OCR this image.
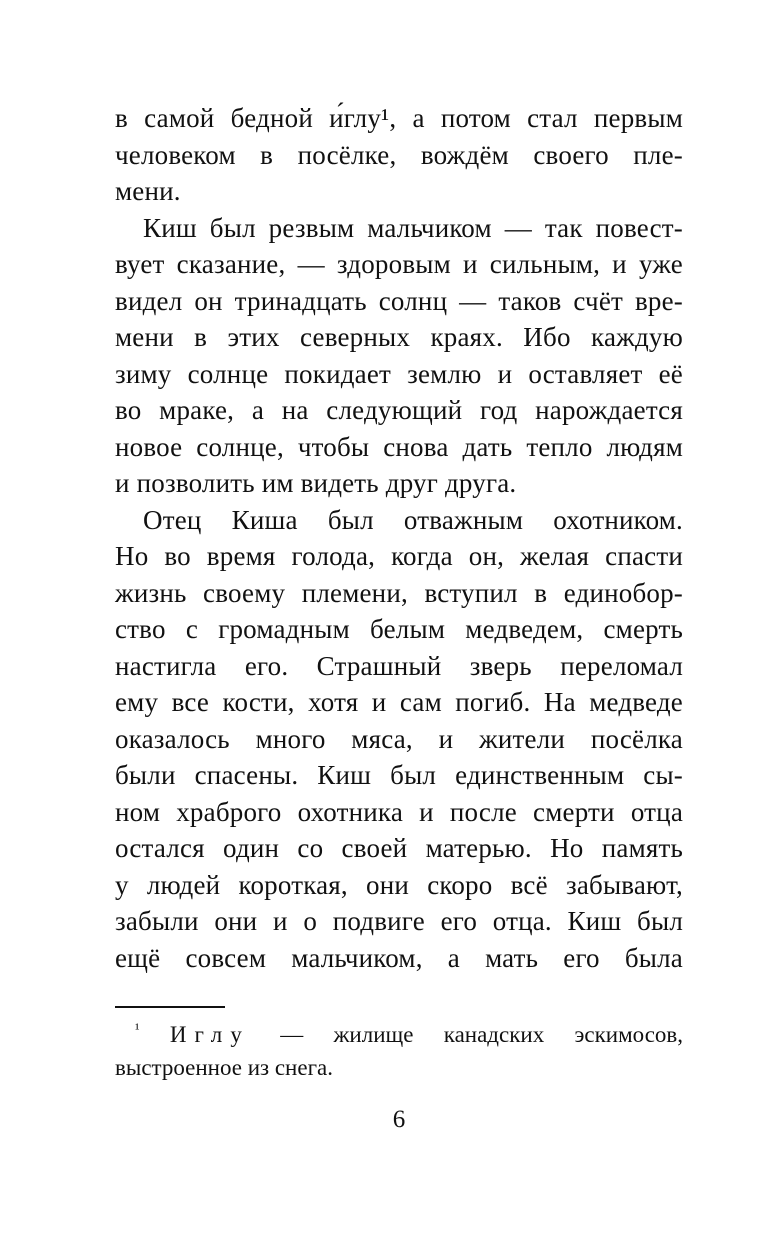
в самой бедной и́глу¹, а потом стал первым
человеком в посёлке, вождём своего пле-
мени.
Киш был резвым мальчиком — так повест-
вует сказание, — здоровым и сильным, и уже
видел он тринадцать солнц — таков счёт вре-
мени в этих северных краях. Ибо каждую
зиму солнце покидает землю и оставляет её
во мраке, а на следующий год нарождается
новое солнце, чтобы снова дать тепло людям
и позволить им видеть друг друга.
Отец Киша был отважным охотником.
Но во время голода, когда он, желая спасти
жизнь своему племени, вступил в единобор-
ство с громадным белым медведем, смерть
настигла его. Страшный зверь переломал
ему все кости, хотя и сам погиб. На медведе
оказалось много мяса, и жители посёлка
были спасены. Киш был единственным сы-
ном храброго охотника и после смерти отца
остался один со своей матерью. Но память
у людей короткая, они скоро всё забывают,
забыли они и о подвиге его отца. Киш был
ещё совсем мальчиком, а мать его была
$^{^1}$ Иглу — жилище канадских эскимосов,
выстроенное из снега.
6
